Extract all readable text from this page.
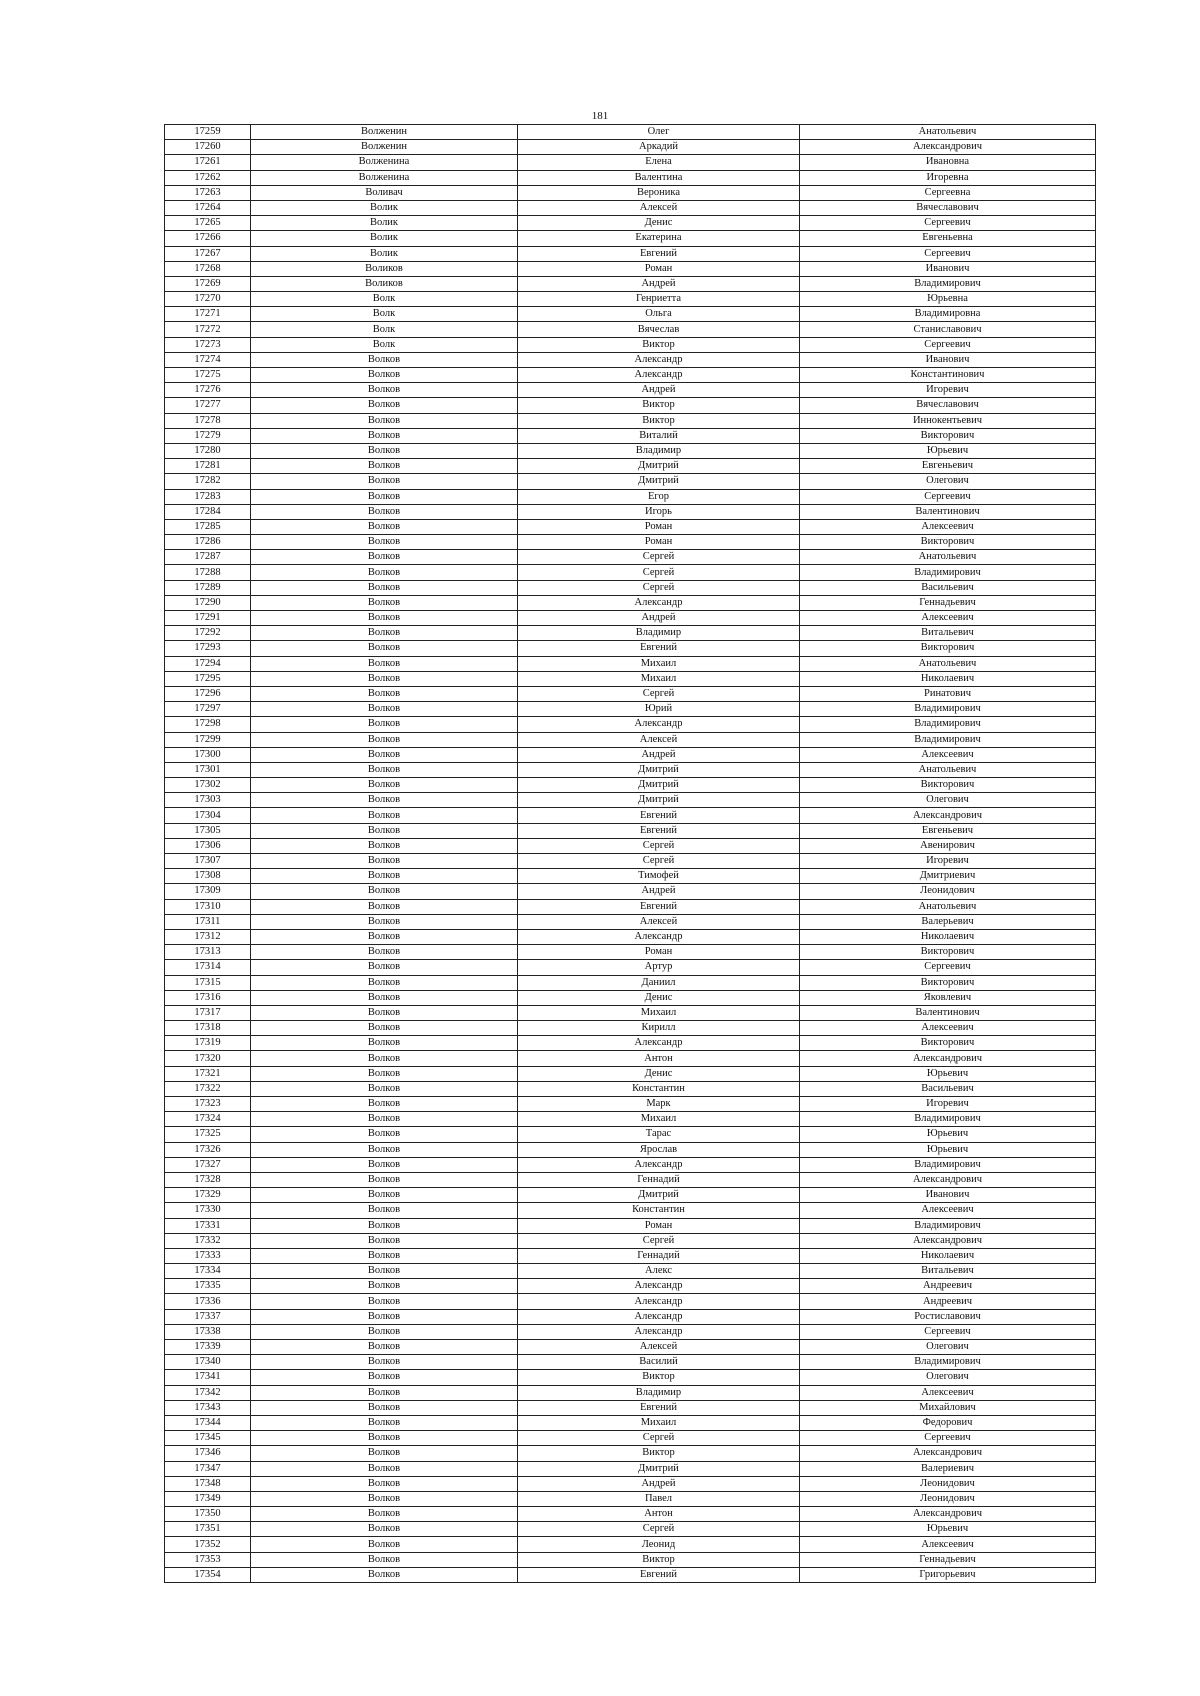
181
17259	Волженин	Олег	Анатольевич
17260	Волженин	Аркадий	Александрович
17261	Волженина	Елена	Ивановна
17262	Волженина	Валентина	Игоревна
17263	Воливач	Вероника	Сергеевна
17264	Волик	Алексей	Вячеславович
17265	Волик	Денис	Сергеевич
17266	Волик	Екатерина	Евгеньевна
17267	Волик	Евгений	Сергеевич
17268	Воликов	Роман	Иванович
17269	Воликов	Андрей	Владимирович
17270	Волк	Генриетта	Юрьевна
17271	Волк	Ольга	Владимировна
17272	Волк	Вячеслав	Станиславович
17273	Волк	Виктор	Сергеевич
17274	Волков	Александр	Иванович
17275	Волков	Александр	Константинович
17276	Волков	Андрей	Игоревич
17277	Волков	Виктор	Вячеславович
17278	Волков	Виктор	Иннокентьевич
17279	Волков	Виталий	Викторович
17280	Волков	Владимир	Юрьевич
17281	Волков	Дмитрий	Евгеньевич
17282	Волков	Дмитрий	Олегович
17283	Волков	Егор	Сергеевич
17284	Волков	Игорь	Валентинович
17285	Волков	Роман	Алексеевич
17286	Волков	Роман	Викторович
17287	Волков	Сергей	Анатольевич
17288	Волков	Сергей	Владимирович
17289	Волков	Сергей	Васильевич
17290	Волков	Александр	Геннадьевич
17291	Волков	Андрей	Алексеевич
17292	Волков	Владимир	Витальевич
17293	Волков	Евгений	Викторович
17294	Волков	Михаил	Анатольевич
17295	Волков	Михаил	Николаевич
17296	Волков	Сергей	Ринатович
17297	Волков	Юрий	Владимирович
17298	Волков	Александр	Владимирович
17299	Волков	Алексей	Владимирович
17300	Волков	Андрей	Алексеевич
17301	Волков	Дмитрий	Анатольевич
17302	Волков	Дмитрий	Викторович
17303	Волков	Дмитрий	Олегович
17304	Волков	Евгений	Александрович
17305	Волков	Евгений	Евгеньевич
17306	Волков	Сергей	Авенирович
17307	Волков	Сергей	Игоревич
17308	Волков	Тимофей	Дмитриевич
17309	Волков	Андрей	Леонидович
17310	Волков	Евгений	Анатольевич
17311	Волков	Алексей	Валерьевич
17312	Волков	Александр	Николаевич
17313	Волков	Роман	Викторович
17314	Волков	Артур	Сергеевич
17315	Волков	Даниил	Викторович
17316	Волков	Денис	Яковлевич
17317	Волков	Михаил	Валентинович
17318	Волков	Кирилл	Алексеевич
17319	Волков	Александр	Викторович
17320	Волков	Антон	Александрович
17321	Волков	Денис	Юрьевич
17322	Волков	Константин	Васильевич
17323	Волков	Марк	Игоревич
17324	Волков	Михаил	Владимирович
17325	Волков	Тарас	Юрьевич
17326	Волков	Ярослав	Юрьевич
17327	Волков	Александр	Владимирович
17328	Волков	Геннадий	Александрович
17329	Волков	Дмитрий	Иванович
17330	Волков	Константин	Алексеевич
17331	Волков	Роман	Владимирович
17332	Волков	Сергей	Александрович
17333	Волков	Геннадий	Николаевич
17334	Волков	Алекс	Витальевич
17335	Волков	Александр	Андреевич
17336	Волков	Александр	Андреевич
17337	Волков	Александр	Ростиславович
17338	Волков	Александр	Сергеевич
17339	Волков	Алексей	Олегович
17340	Волков	Василий	Владимирович
17341	Волков	Виктор	Олегович
17342	Волков	Владимир	Алексеевич
17343	Волков	Евгений	Михайлович
17344	Волков	Михаил	Федорович
17345	Волков	Сергей	Сергеевич
17346	Волков	Виктор	Александрович
17347	Волков	Дмитрий	Валериевич
17348	Волков	Андрей	Леонидович
17349	Волков	Павел	Леонидович
17350	Волков	Антон	Александрович
17351	Волков	Сергей	Юрьевич
17352	Волков	Леонид	Алексеевич
17353	Волков	Виктор	Геннадьевич
17354	Волков	Евгений	Григорьевич
